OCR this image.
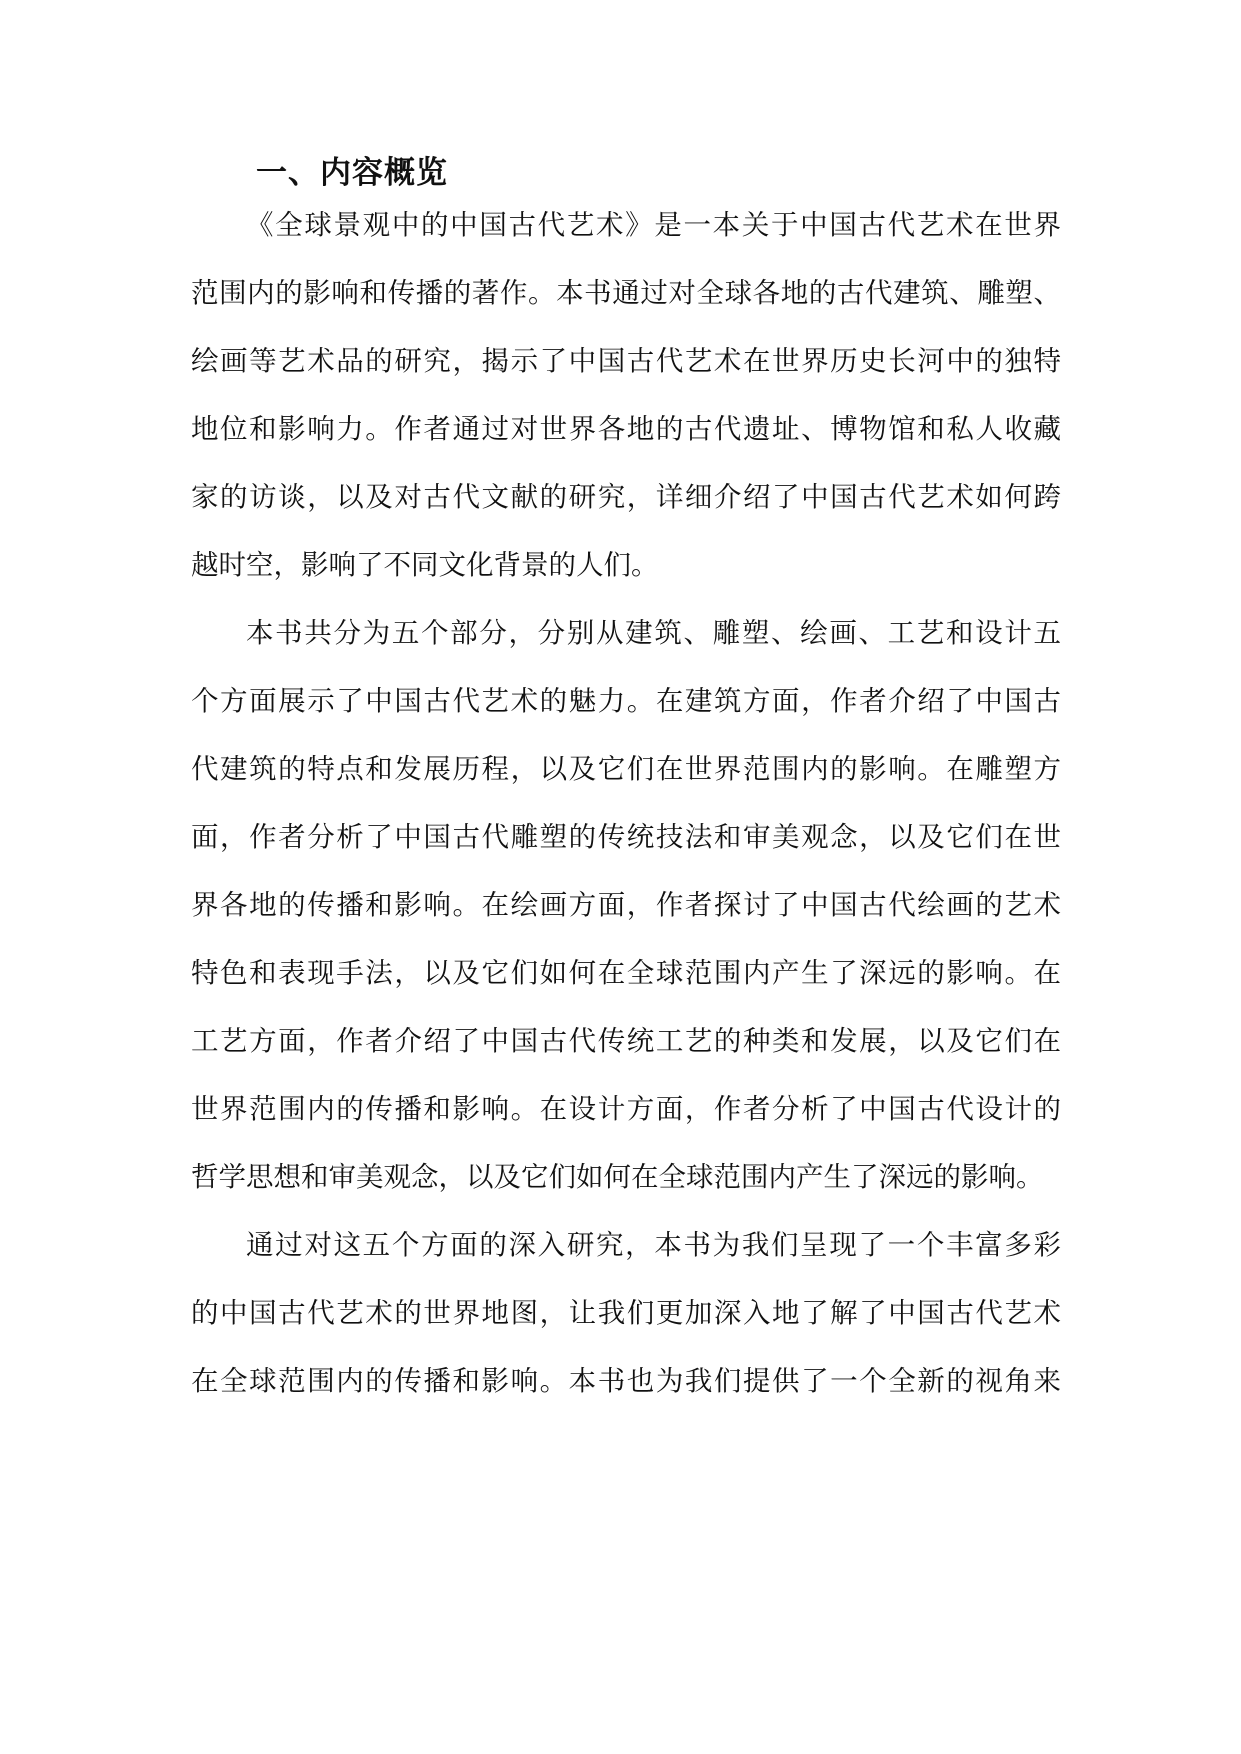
一、内容概览
《全球景观中的中国古代艺术》是一本关于中国古代艺术在世界
范围内的影响和传播的著作。本书通过对全球各地的古代建筑、雕塑、
绘画等艺术品的研究，揭示了中国古代艺术在世界历史长河中的独特
地位和影响力。作者通过对世界各地的古代遗址、博物馆和私人收藏
家的访谈，以及对古代文献的研究，详细介绍了中国古代艺术如何跨
越时空，影响了不同文化背景的人们。
本书共分为五个部分，分别从建筑、雕塑、绘画、工艺和设计五
个方面展示了中国古代艺术的魅力。在建筑方面，作者介绍了中国古
代建筑的特点和发展历程，以及它们在世界范围内的影响。在雕塑方
面，作者分析了中国古代雕塑的传统技法和审美观念，以及它们在世
界各地的传播和影响。在绘画方面，作者探讨了中国古代绘画的艺术
特色和表现手法，以及它们如何在全球范围内产生了深远的影响。在
工艺方面，作者介绍了中国古代传统工艺的种类和发展，以及它们在
世界范围内的传播和影响。在设计方面，作者分析了中国古代设计的
哲学思想和审美观念，以及它们如何在全球范围内产生了深远的影响。
通过对这五个方面的深入研究，本书为我们呈现了一个丰富多彩
的中国古代艺术的世界地图，让我们更加深入地了解了中国古代艺术
在全球范围内的传播和影响。本书也为我们提供了一个全新的视角来
